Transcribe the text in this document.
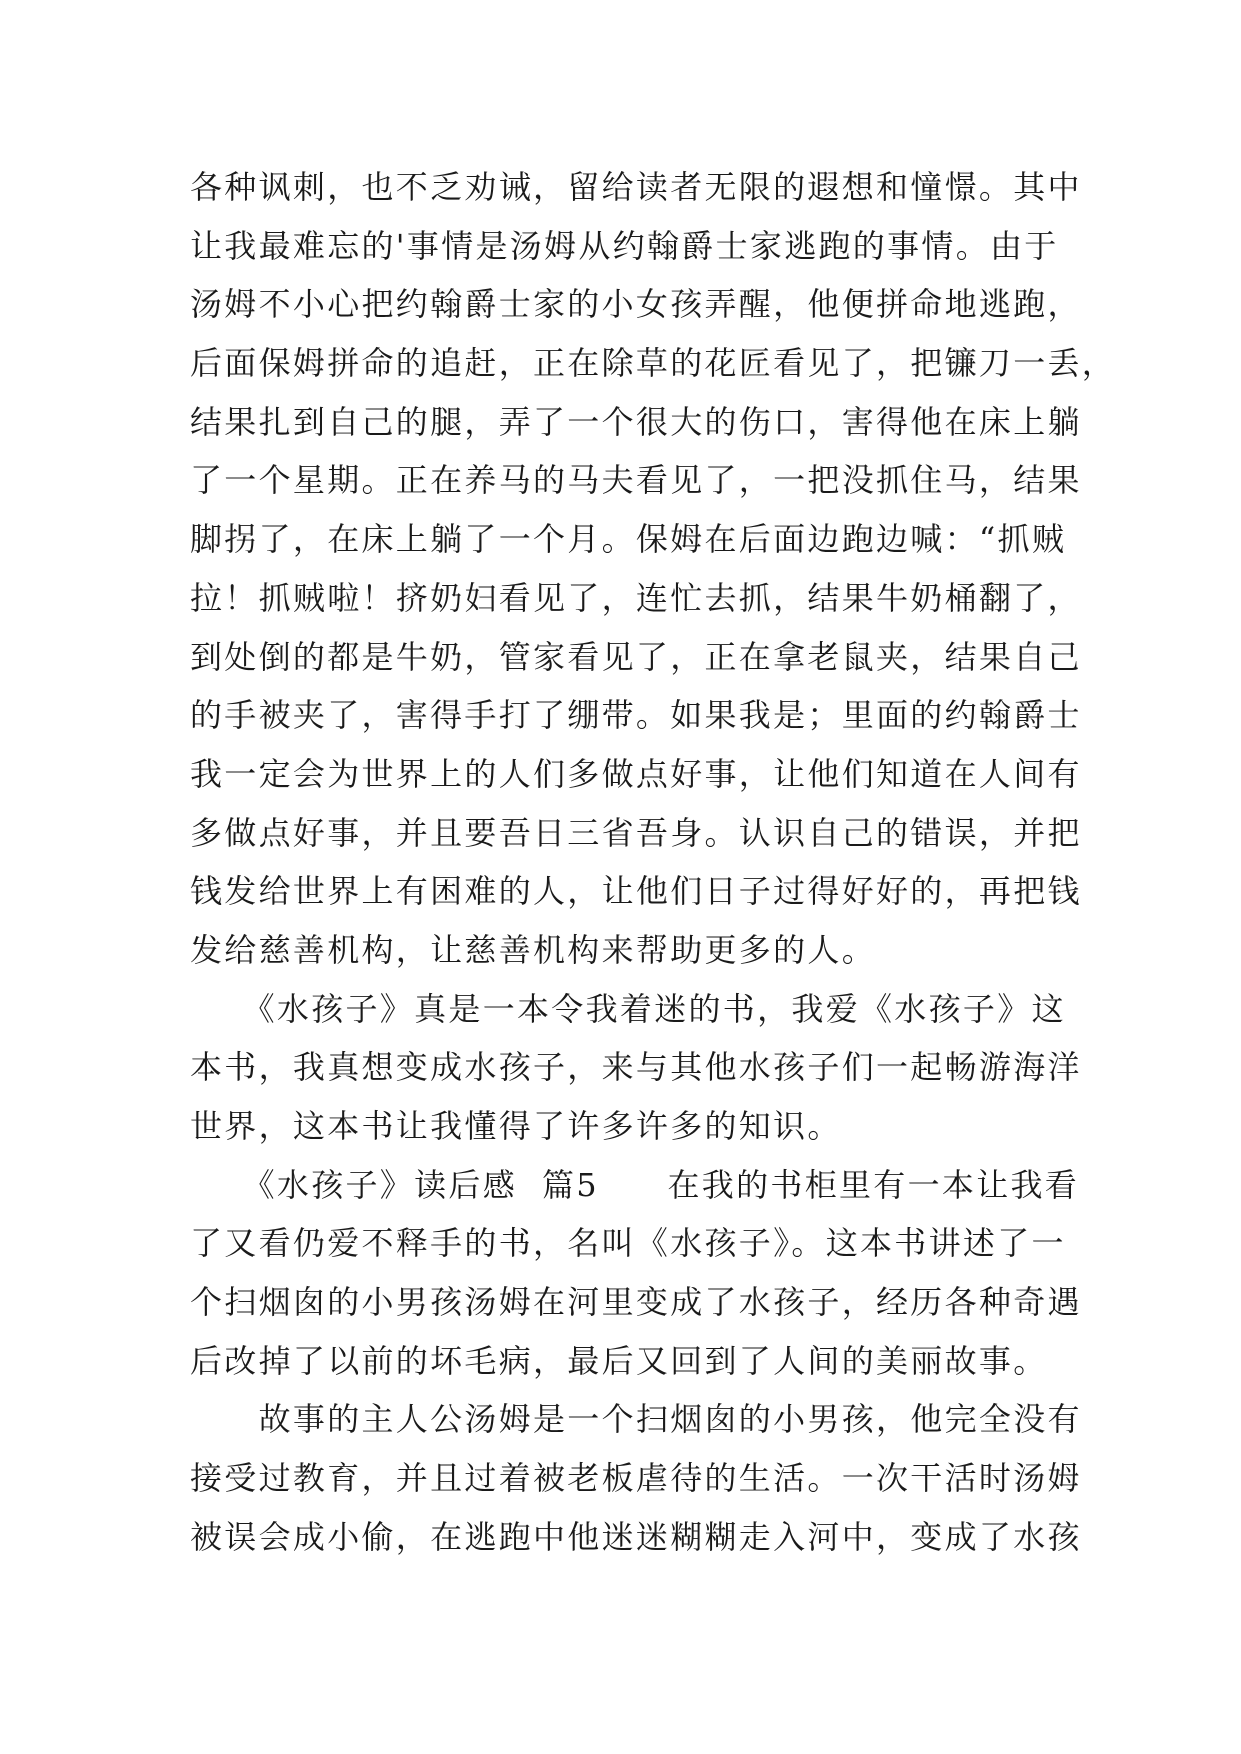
各种讽刺，也不乏劝诫，留给读者无限的遐想和憧憬。其中
让我最难忘的'事情是汤姆从约翰爵士家逃跑的事情。由于
汤姆不小心把约翰爵士家的小女孩弄醒，他便拼命地逃跑，
后面保姆拼命的追赶，正在除草的花匠看见了，把镰刀一丢，
结果扎到自己的腿，弄了一个很大的伤口，害得他在床上躺
了一个星期。正在养马的马夫看见了，一把没抓住马，结果
脚拐了，在床上躺了一个月。保姆在后面边跑边喊：“抓贼
拉！抓贼啦！挤奶妇看见了，连忙去抓，结果牛奶桶翻了，
到处倒的都是牛奶，管家看见了，正在拿老鼠夹，结果自己
的手被夹了，害得手打了绷带。如果我是；里面的约翰爵士
我一定会为世界上的人们多做点好事，让他们知道在人间有
多做点好事，并且要吾日三省吾身。认识自己的错误，并把
钱发给世界上有困难的人，让他们日子过得好好的，再把钱
发给慈善机构，让慈善机构来帮助更多的人。
　　《水孩子》真是一本令我着迷的书，我爱《水孩子》这
本书，我真想变成水孩子，来与其他水孩子们一起畅游海洋
世界，这本书让我懂得了许多许多的知识。
　　《水孩子》读后感  篇5　　在我的书柜里有一本让我看
了又看仍爱不释手的书，名叫《水孩子》。这本书讲述了一
个扫烟囱的小男孩汤姆在河里变成了水孩子，经历各种奇遇
后改掉了以前的坏毛病，最后又回到了人间的美丽故事。
　　故事的主人公汤姆是一个扫烟囱的小男孩，他完全没有
接受过教育，并且过着被老板虐待的生活。一次干活时汤姆
被误会成小偷，在逃跑中他迷迷糊糊走入河中，变成了水孩
